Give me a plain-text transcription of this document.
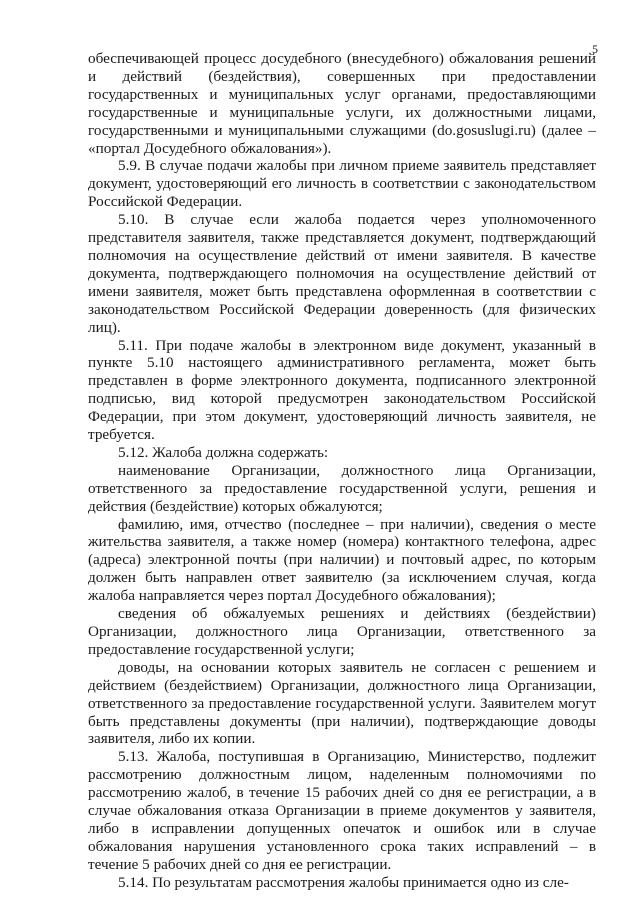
5

обеспечивающей процесс досудебного (внесудебного) обжалования решений и действий (бездействия), совершенных при предоставлении государственных и муниципальных услуг органами, предоставляющими государственные и муниципальные услуги, их должностными лицами, государственными и муниципальными служащими (do.gosuslugi.ru) (далее – «портал Досудебного обжалования»).

5.9. В случае подачи жалобы при личном приеме заявитель представляет документ, удостоверяющий его личность в соответствии с законодательством Российской Федерации.

5.10. В случае если жалоба подается через уполномоченного представителя заявителя, также представляется документ, подтверждающий полномочия на осуществление действий от имени заявителя. В качестве документа, подтверждающего полномочия на осуществление действий от имени заявителя, может быть представлена оформленная в соответствии с законодательством Российской Федерации доверенность (для физических лиц).

5.11. При подаче жалобы в электронном виде документ, указанный в пункте 5.10 настоящего административного регламента, может быть представлен в форме электронного документа, подписанного электронной подписью, вид которой предусмотрен законодательством Российской Федерации, при этом документ, удостоверяющий личность заявителя, не требуется.

5.12. Жалоба должна содержать:

наименование Организации, должностного лица Организации, ответственного за предоставление государственной услуги, решения и действия (бездействие) которых обжалуются;

фамилию, имя, отчество (последнее – при наличии), сведения о месте жительства заявителя, а также номер (номера) контактного телефона, адрес (адреса) электронной почты (при наличии) и почтовый адрес, по которым должен быть направлен ответ заявителю (за исключением случая, когда жалоба направляется через портал Досудебного обжалования);

сведения об обжалуемых решениях и действиях (бездействии) Организации, должностного лица Организации, ответственного за предоставление государственной услуги;

доводы, на основании которых заявитель не согласен с решением и действием (бездействием) Организации, должностного лица Организации, ответственного за предоставление государственной услуги. Заявителем могут быть представлены документы (при наличии), подтверждающие доводы заявителя, либо их копии.

5.13. Жалоба, поступившая в Организацию, Министерство, подлежит рассмотрению должностным лицом, наделенным полномочиями по рассмотрению жалоб, в течение 15 рабочих дней со дня ее регистрации, а в случае обжалования отказа Организации в приеме документов у заявителя, либо в исправлении допущенных опечаток и ошибок или в случае обжалования нарушения установленного срока таких исправлений – в течение 5 рабочих дней со дня ее регистрации.

5.14. По результатам рассмотрения жалобы принимается одно из сле-
